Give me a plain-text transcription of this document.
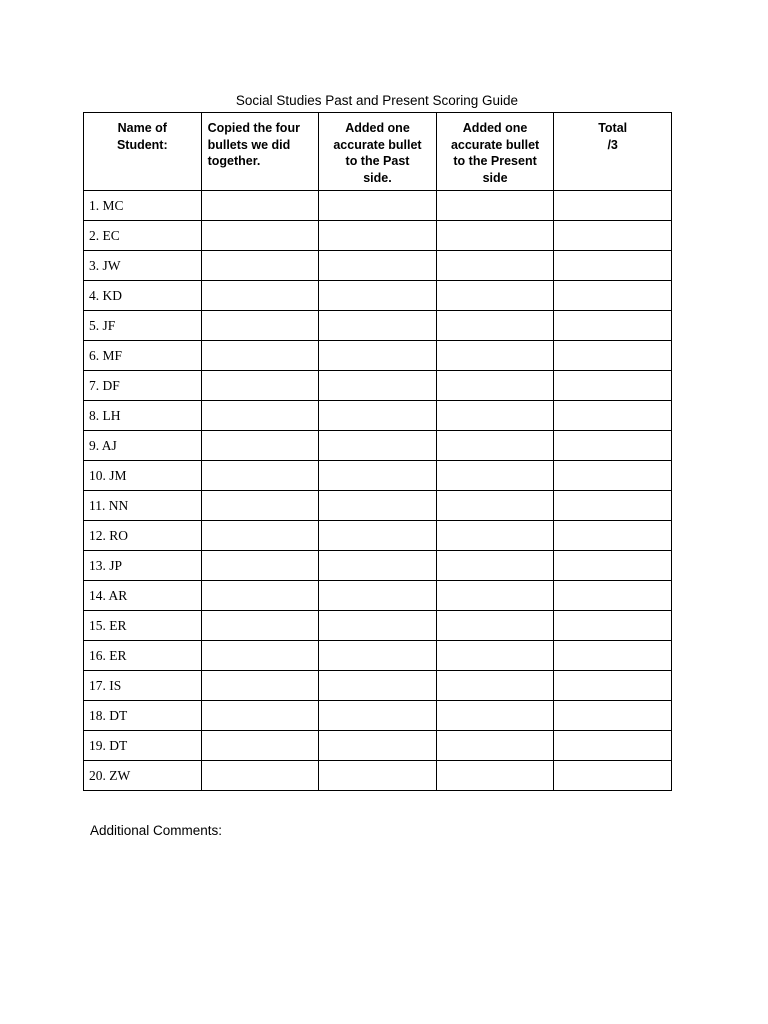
Social Studies Past and Present Scoring Guide
Name of
Student:	Copied the four
bullets we did
together.	Added one
accurate bullet
to the Past
side.	Added one
accurate bullet
to the Present
side	Total
/3
1. MC				
2. EC				
3. JW				
4. KD				
5. JF				
6. MF				
7. DF				
8. LH				
9. AJ				
10. JM				
11. NN				
12. RO				
13. JP				
14. AR				
15. ER				
16. ER				
17. IS				
18. DT				
19. DT				
20. ZW				
Additional Comments:
